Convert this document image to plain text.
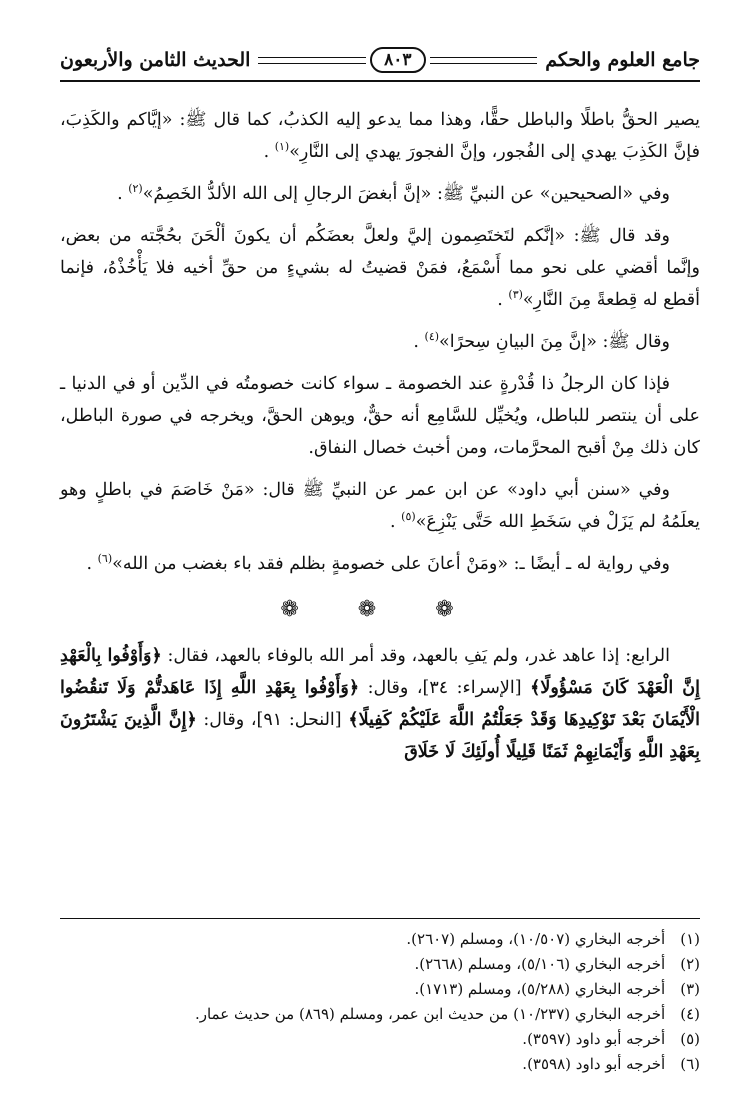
جامع العلوم والحكم
٨٠٣
الحديث الثامن والأربعون

يصير الحقُّ باطلًا والباطل حقًّا، وهذا مما يدعو إليه الكذبُ، كما قال ﷺ: «إيَّاكم والكَذِبَ، فإنَّ الكَذِبَ يهدي إلى الفُجور، وإنَّ الفجورَ يهدي إلى النَّارِ»$^{(١)}$ .

وفي «الصحيحين» عن النبيِّ ﷺ: «إنَّ أبغضَ الرجالِ إلى الله الألدُّ الخَصِمُ»$^{(٢)}$ .

وقد قال ﷺ: «إنَّكم لتَختَصِمون إليَّ ولعلَّ بعضَكُم أن يكونَ ألْحَنَ بحُجَّته من بعض، وإنَّما أقضي على نحو مما أَسْمَعُ، فمَنْ قضيتُ له بشيءٍ من حقِّ أخيه فلا يَأْخُذْهُ، فإنما أقطع له قِطعةً مِنَ النَّارِ»$^{(٣)}$ .

وقال ﷺ: «إنَّ مِنَ البيانِ سِحرًا»$^{(٤)}$ .

فإذا كان الرجلُ ذا قُدْرةٍ عند الخصومة ـ سواء كانت خصومتُه في الدِّين أو في الدنيا ـ على أن ينتصر للباطل، ويُخيِّل للسَّامِع أنه حقٌّ، ويوهن الحقَّ، ويخرجه في صورة الباطل، كان ذلك مِنْ أقبح المحرَّمات، ومن أخبث خصال النفاق.

وفي «سنن أبي داود» عن ابن عمر عن النبيِّ ﷺ قال: «مَنْ خَاصَمَ في باطلٍ وهو يعلَمُهُ لم يَزَلْ في سَخَطِ الله حَتَّى يَنْزِعَ»$^{(٥)}$ .

وفي رواية له ـ أيضًا ـ: «ومَنْ أعانَ على خصومةٍ بظلم فقد باء بغضب من الله»$^{(٦)}$ .

❁ ❁ ❁

الرابع: إذا عاهد غدر، ولم يَفِ بالعهد، وقد أمر الله بالوفاء بالعهد، فقال: ﴿وَأَوْفُوا بِالْعَهْدِ إِنَّ الْعَهْدَ كَانَ مَسْؤُولًا﴾ [الإسراء: ٣٤]، وقال: ﴿وَأَوْفُوا بِعَهْدِ اللَّهِ إِذَا عَاهَدتُّمْ وَلَا تَنقُضُوا الْأَيْمَانَ بَعْدَ تَوْكِيدِهَا وَقَدْ جَعَلْتُمُ اللَّهَ عَلَيْكُمْ كَفِيلًا﴾ [النحل: ٩١]، وقال: ﴿إِنَّ الَّذِينَ يَشْتَرُونَ بِعَهْدِ اللَّهِ وَأَيْمَانِهِمْ ثَمَنًا قَلِيلًا أُولَئِكَ لَا خَلَاقَ

(١) أخرجه البخاري (١٠/٥٠٧)، ومسلم (٢٦٠٧).

(٢) أخرجه البخاري (٥/١٠٦)، ومسلم (٢٦٦٨).

(٣) أخرجه البخاري (٥/٢٨٨)، ومسلم (١٧١٣).

(٤) أخرجه البخاري (١٠/٢٣٧) من حديث ابن عمر، ومسلم (٨٦٩) من حديث عمار.

(٥) أخرجه أبو داود (٣٥٩٧).

(٦) أخرجه أبو داود (٣٥٩٨).
